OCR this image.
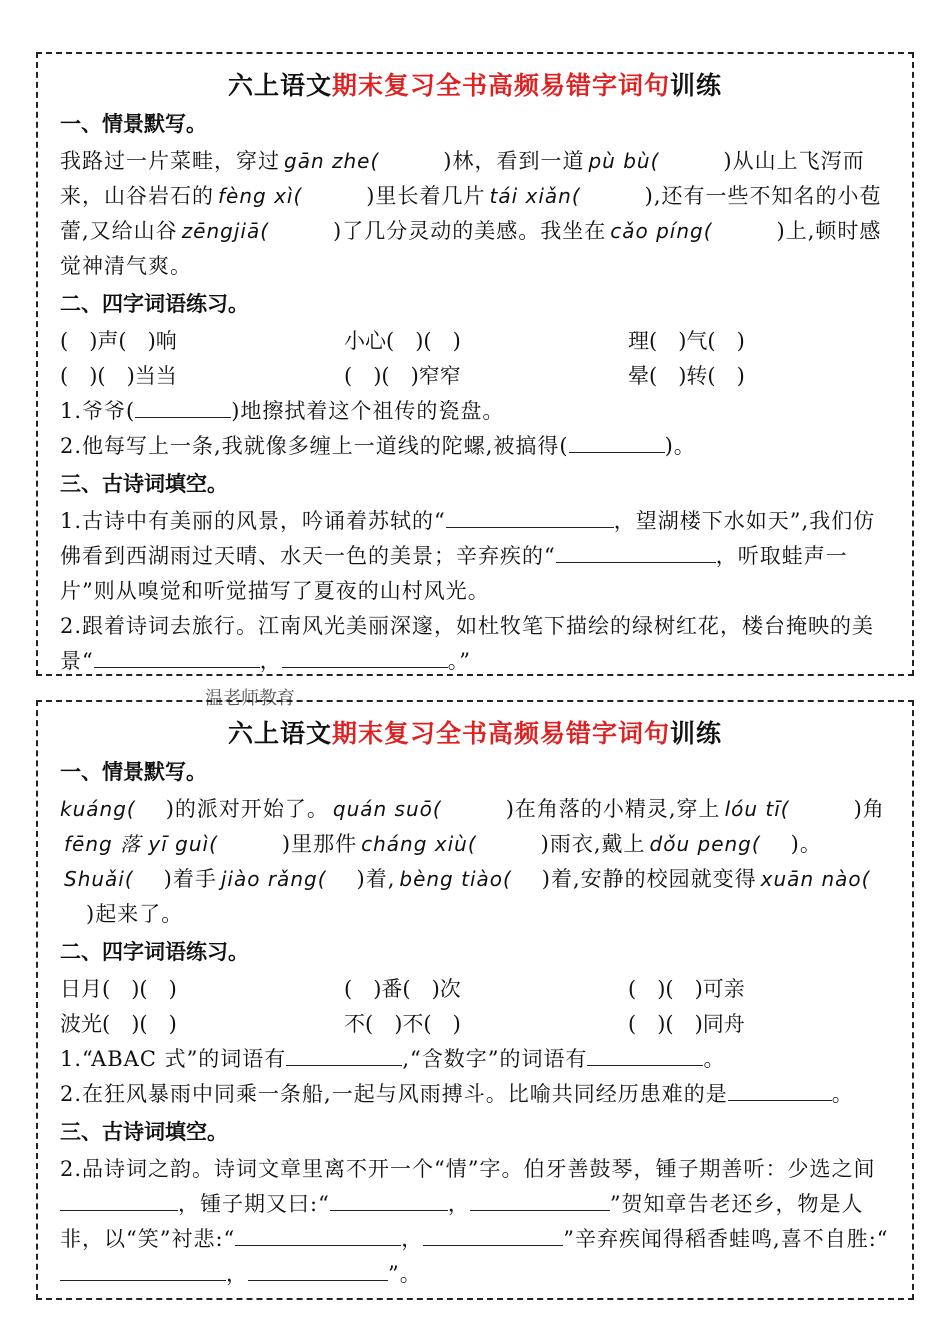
六上语文期末复习全书高频易错字词句训练
一、情景默写。

我路过一片菜畦，穿过 gān zhe(	)林，看到一道 pù bù(	)从山上飞泻而来，山谷岩石的 fèng xì(	)里长着几片 tái xiǎn(	),还有一些不知名的小苞蕾,又给山谷 zēngjiā(	)了几分灵动的美感。我坐在 cǎo píng(	)上,顿时感觉神清气爽。

二、四字词语练习。
(　)声(　)响	小心(　)(　)	理(　)气(　)
(　)(　)当当	(　)(　)窄窄	晕(　)转(　)

1.爷爷(	)地擦拭着这个祖传的瓷盘。

2.他每写上一条,我就像多缠上一道线的陀螺,被搞得(	)。

三、古诗词填空。

1.古诗中有美丽的风景，吟诵着苏轼的“	，望湖楼下水如天”,我们仿佛看到西湖雨过天晴、水天一色的美景；辛弃疾的“	，听取蛙声一片”则从嗅觉和听觉描写了夏夜的山村风光。

2.跟着诗词去旅行。江南风光美丽深邃，如杜牧笔下描绘的绿树红花，楼台掩映的美景“	，	。”

温老师教育
六上语文期末复习全书高频易错字词句训练
一、情景默写。

kuáng( )的派对开始了。 quán suō(	)在角落的小精灵,穿上 lóu tī(	)角fēng 落 yī guì(	)里那件 cháng xiù(	)雨衣,戴上 dǒu peng( )。Shuǎi( )着手 jiào rǎng( )着, bèng tiào( )着,安静的校园就变得 xuān nào()起来了。

二、四字词语练习。
日月(　)(　)	(　)番(　)次	(　)(　)可亲
波光(　)(　)	不(　)不(　)	(　)(　)同舟

1.“ABAC 式”的词语有	,“含数字”的词语有	。

2.在狂风暴雨中同乘一条船,一起与风雨搏斗。比喻共同经历患难的是	。

三、古诗词填空。

2.品诗词之韵。诗词文章里离不开一个“情”字。伯牙善鼓琴，锺子期善听：少选之间，锺子期又曰:“	，	”贺知章告老还乡，物是人非，以“笑”衬悲:“	，	”辛弃疾闻得稻香蛙鸣,喜不自胜:“，	”。
